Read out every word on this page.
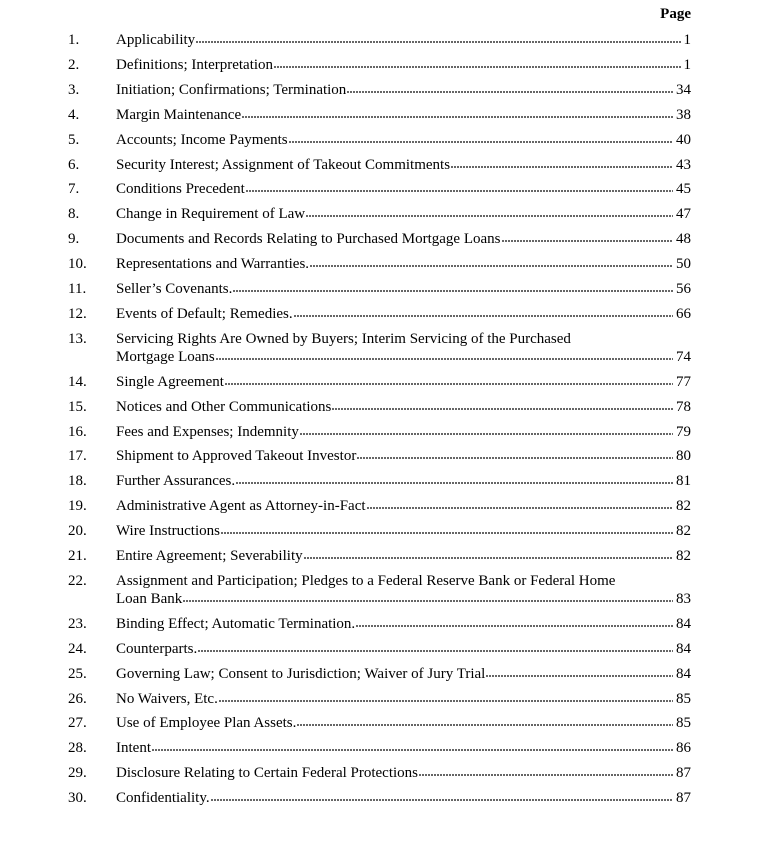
Page
1.	Applicability	1
2.	Definitions; Interpretation	1
3.	Initiation; Confirmations; Termination	34
4.	Margin Maintenance	38
5.	Accounts; Income Payments	40
6.	Security Interest; Assignment of Takeout Commitments	43
7.	Conditions Precedent	45
8.	Change in Requirement of Law	47
9.	Documents and Records Relating to Purchased Mortgage Loans	48
10.	Representations and Warranties.	50
11.	Seller’s Covenants.	56
12.	Events of Default; Remedies.	66
13.	Servicing Rights Are Owned by Buyers; Interim Servicing of the Purchased
Mortgage Loans	74
14.	Single Agreement	77
15.	Notices and Other Communications	78
16.	Fees and Expenses; Indemnity	79
17.	Shipment to Approved Takeout Investor	80
18.	Further Assurances.	81
19.	Administrative Agent as Attorney-in-Fact	82
20.	Wire Instructions	82
21.	Entire Agreement; Severability	82
22.	Assignment and Participation; Pledges to a Federal Reserve Bank or Federal Home
Loan Bank	83
23.	Binding Effect; Automatic Termination.	84
24.	Counterparts.	84
25.	Governing Law; Consent to Jurisdiction; Waiver of Jury Trial	84
26.	No Waivers, Etc.	85
27.	Use of Employee Plan Assets.	85
28.	Intent	86
29.	Disclosure Relating to Certain Federal Protections	87
30.	Confidentiality.	87
